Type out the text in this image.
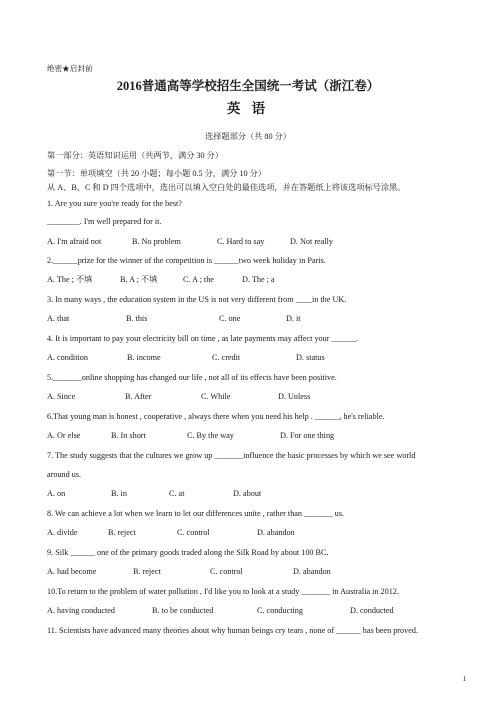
绝密★启封前
2016普通高等学校招生全国统一考试（浙江卷）
英 语
选择题部分（共 80 分）
第一部分：英语知识运用（共两节，满分 30 分）
第一节：单项填空（共 20 小题；每小题 0.5 分，满分 10 分）
从 A、B、C 和 D 四个选项中，选出可以填入空白处的最佳选项，并在答题纸上将该选项标号涂黑。
1. Are you sure you're ready for the best?
________. I'm well prepared for it.
A. I'm afraid not	B. No problem	C. Hard to say	D. Not really
2.______prize for the winner of the competition is ______two week holiday in Paris.
A. The ; 不填	B. A ; 不填	C. A ; the	D. The ; a
3. In many ways , the education system in the US is not very different from ____in the UK.
A. that	B. this	C. one	D. it
4. It is important to pay your electricity bill on time , as late payments may affect your ______.
A. condition	B. income	C. credit	D. status
5._______online shopping has changed our life , not all of its effects have been positive.
A. Since	B. After	C. While	D. Unless
6.That young man is honest , cooperative , always there when you need his help . ______, he's reliable.
A. Or else	B. In short	C. By the way	D. For one thing
7. The study suggests that the cultures we grow up _______influence the basic processes by which we see world
around us.
A. on	B. in	C. at	D. about
8. We can achieve a lot when we learn to let our differences unite , rather than _______ us.
A. divide	B. reject	C. control	D. abandon
9. Silk ______ one of the primary goods traded along the Silk Road by about 100 BC.
A. had become	B. reject	C. control	D. abandon
10.To return to the problem of water pollution , I'd like you to look at a study _______ in Australia in 2012.
A. having conducted	B. to be conducted	C. conducting	D. conducted
11. Scientists have advanced many theories about why human beings cry tears , none of ______ has been proved.
1
